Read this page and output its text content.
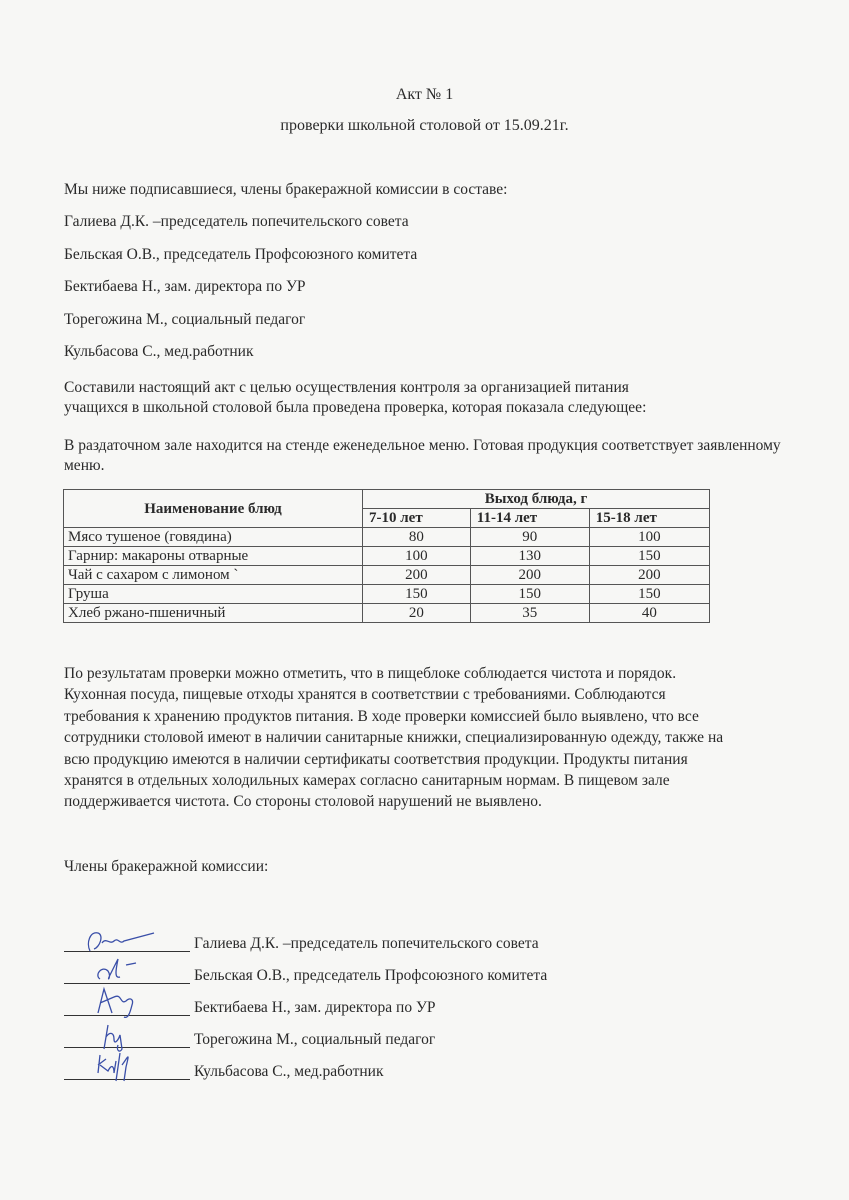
Акт № 1
проверки школьной столовой от 15.09.21г.
Мы ниже подписавшиеся, члены бракеражной комиссии в составе:
Галиева Д.К. –председатель попечительского совета
Бельская О.В., председатель Профсоюзного комитета
Бектибаева Н., зам. директора по УР
Торегожина М., социальный педагог
Кульбасова С., мед.работник
Составили настоящий акт с целью осуществления контроля за организацией питания
учащихся в школьной столовой была проведена проверка, которая показала следующее:
В раздаточном зале находится на стенде еженедельное меню. Готовая продукция соответствует заявленному меню.
Наименование блюд	Выход блюда, г		
	7-10 лет	11-14 лет	15-18 лет
Мясо тушеное (говядина)	80	90	100
Гарнир: макароны отварные	100	130	150
Чай с сахаром с лимоном `	200	200	200
Груша	150	150	150
Хлеб ржано-пшеничный	20	35	40
По результатам проверки можно отметить, что в пищеблоке соблюдается чистота и порядок.
Кухонная посуда, пищевые отходы хранятся в соответствии с требованиями. Соблюдаются
требования к хранению продуктов питания. В ходе проверки комиссией было выявлено, что все
сотрудники столовой имеют в наличии санитарные книжки, специализированную одежду, также на
всю продукцию имеются в наличии сертификаты соответствия продукции. Продукты питания
хранятся в отдельных холодильных камерах согласно санитарным нормам. В пищевом зале
поддерживается чистота. Со стороны столовой нарушений не выявлено.
Члены бракеражной комиссии:
Галиева Д.К. –председатель попечительского совета
Бельская О.В., председатель Профсоюзного комитета
Бектибаева Н., зам. директора по УР
Торегожина М., социальный педагог
Кульбасова С., мед.работник
